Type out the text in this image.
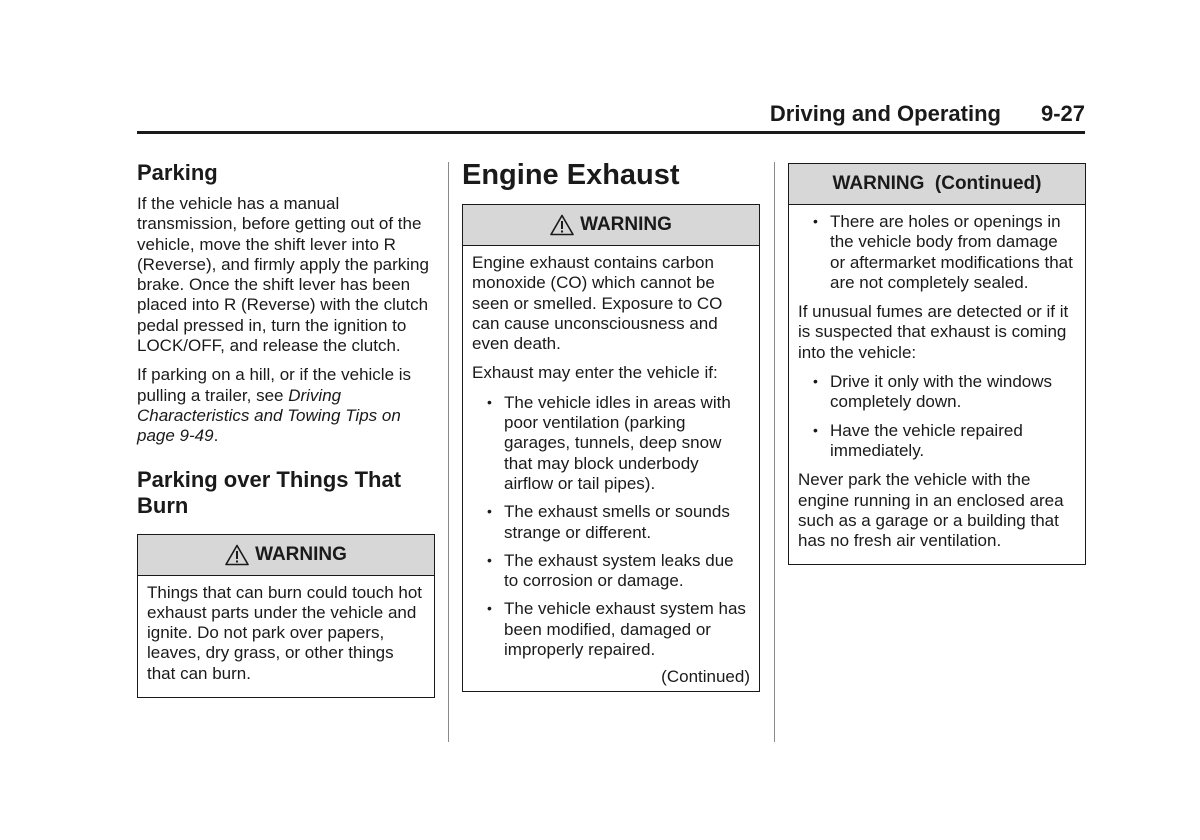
Driving and Operating 9-27
Parking

If the vehicle has a manual transmission, before getting out of the vehicle, move the shift lever into R (Reverse), and firmly apply the parking brake. Once the shift lever has been placed into R (Reverse) with the clutch pedal pressed in, turn the ignition to LOCK/OFF, and release the clutch.

If parking on a hill, or if the vehicle is pulling a trailer, see Driving Characteristics and Towing Tips on page 9-49.

Parking over Things That Burn
WARNING

Things that can burn could touch hot exhaust parts under the vehicle and ignite. Do not park over papers, leaves, dry grass, or other things that can burn.

Engine Exhaust
WARNING

Engine exhaust contains carbon monoxide (CO) which cannot be seen or smelled. Exposure to CO can cause unconsciousness and even death.

Exhaust may enter the vehicle if:

• The vehicle idles in areas with poor ventilation (parking garages, tunnels, deep snow that may block underbody airflow or tail pipes).
• The exhaust smells or sounds strange or different.
• The exhaust system leaks due to corrosion or damage.
• The vehicle exhaust system has been modified, damaged or improperly repaired.
(Continued)
WARNING  (Continued)
• There are holes or openings in the vehicle body from damage or aftermarket modifications that are not completely sealed.

If unusual fumes are detected or if it is suspected that exhaust is coming into the vehicle:

• Drive it only with the windows completely down.
• Have the vehicle repaired immediately.

Never park the vehicle with the engine running in an enclosed area such as a garage or a building that has no fresh air ventilation.
